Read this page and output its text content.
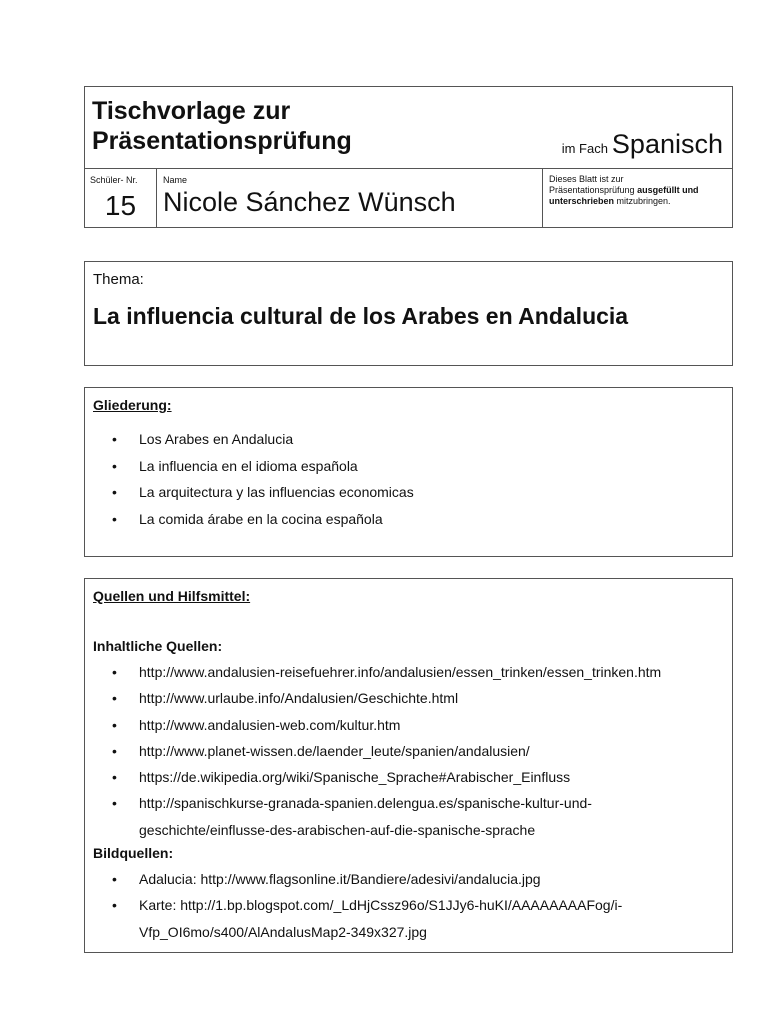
Tischvorlage zur
Präsentationsprüfung	im Fach Spanisch
Schüler- Nr.
15
Name
Nicole Sánchez Wünsch
Dieses Blatt ist zur
Präsentationsprüfung ausgefüllt und
unterschrieben mitzubringen.
Thema:
La influencia cultural de los Arabes en Andalucia
Gliederung:
• Los Arabes en Andalucia
• La influencia en el idioma española
• La arquitectura y las influencias economicas
• La comida árabe en la cocina española
Quellen und Hilfsmittel:
Inhaltliche Quellen:
• http://www.andalusien-reisefuehrer.info/andalusien/essen_trinken/essen_trinken.htm
• http://www.urlaube.info/Andalusien/Geschichte.html
• http://www.andalusien-web.com/kultur.htm
• http://www.planet-wissen.de/laender_leute/spanien/andalusien/
• https://de.wikipedia.org/wiki/Spanische_Sprache#Arabischer_Einfluss
• http://spanischkurse-granada-spanien.delengua.es/spanische-kultur-und-
geschichte/einflusse-des-arabischen-auf-die-spanische-sprache
Bildquellen:
• Adalucia: http://www.flagsonline.it/Bandiere/adesivi/andalucia.jpg
• Karte: http://1.bp.blogspot.com/_LdHjCssz96o/S1JJy6-huKI/AAAAAAAAFog/i-
Vfp_OI6mo/s400/AlAndalusMap2-349x327.jpg
